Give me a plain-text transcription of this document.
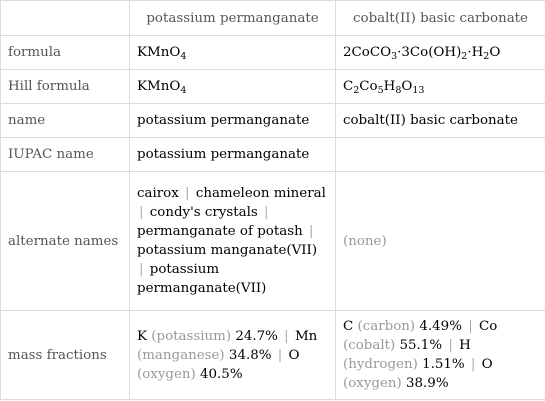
	potassium permanganate	cobalt(II) basic carbonate
formula	KMnO$_4$	$2CoCO_3\cdot 3Co(OH)_2\cdot H_2O$
Hill formula	KMnO$_4$	$C_2Co_5H_8O_{13}$
name	potassium permanganate	cobalt(II) basic carbonate
IUPAC name	potassium permanganate	
alternate names	cairox | chameleon mineral | condy's crystals | permanganate of potash | potassium manganate(VII) | potassium permanganate(VII)	(none)
mass fractions	K (potassium) 24.7% | Mn (manganese) 34.8% | O (oxygen) 40.5%	C (carbon) 4.49% | Co (cobalt) 55.1% | H (hydrogen) 1.51% | O (oxygen) 38.9%
